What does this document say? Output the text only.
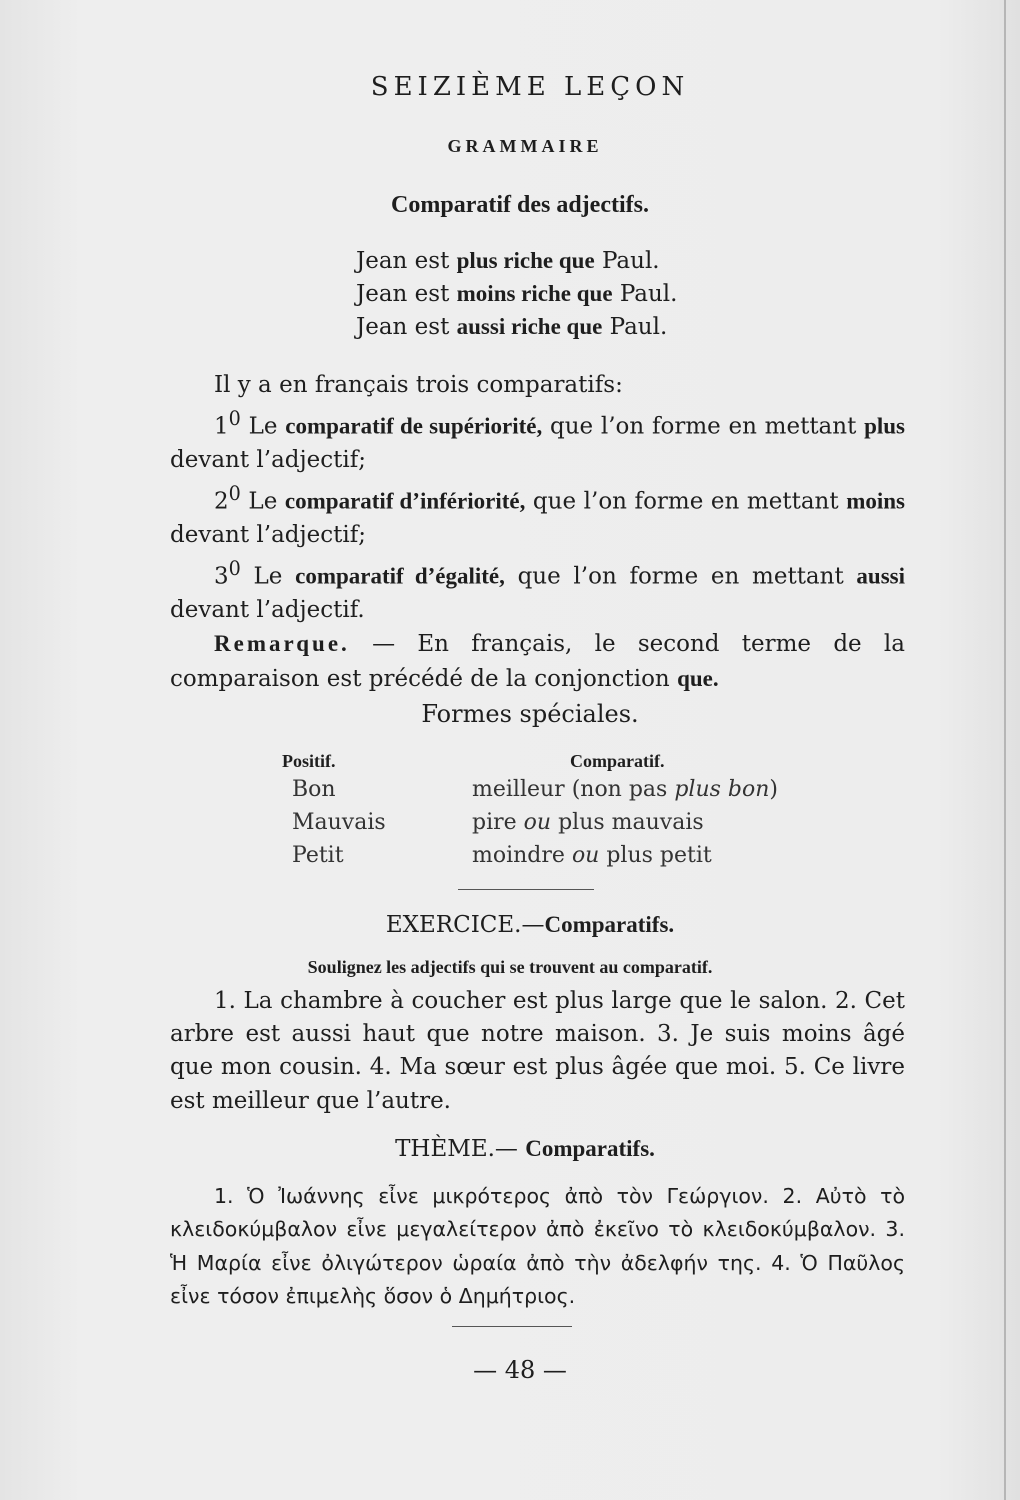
SEIZIÈME LEÇON
GRAMMAIRE
Comparatif des adjectifs.
Jean est plus riche que Paul.
Jean est moins riche que Paul.
Jean est aussi riche que Paul.

Il y a en français trois comparatifs:

$1^0$ Le comparatif de supériorité, que l’on forme en mettant plus devant l’adjectif;

$2^0$ Le comparatif d’infériorité, que l’on forme en mettant moins devant l’adjectif;

$3^0$ Le comparatif d’égalité, que l’on forme en mettant aussi devant l’adjectif.

Remarque. — En français, le second terme de la comparaison est précédé de la conjonction que.

Formes spéciales.
Positif.	Comparatif.
Bon	meilleur (non pas plus bon)
Mauvais	pire ou plus mauvais
Petit	moindre ou plus petit
EXERCICE.—Comparatifs.
Soulignez les adjectifs qui se trouvent au comparatif.

1. La chambre à coucher est plus large que le salon. 2. Cet arbre est aussi haut que notre maison. 3. Je suis moins âgé que mon cousin. 4. Ma sœur est plus âgée que moi. 5. Ce livre est meilleur que l’autre.

THÈME.— Comparatifs.

1. Ὁ Ἰωάννης εἶνε μικρότερος ἀπὸ τὸν Γεώργιον. 2. Αὐτὸ τὸ κλειδοκύμβαλον εἶνε μεγαλείτερον ἀπὸ ἐκεῖνο τὸ κλειδοκύμβαλον. 3. Ἡ Μαρία εἶνε ὀλιγώτερον ὡραία ἀπὸ τὴν ἀδελφήν της. 4. Ὁ Παῦλος εἶνε τόσον ἐπιμελὴς ὅσον ὁ Δημήτριος.

— 48 —
